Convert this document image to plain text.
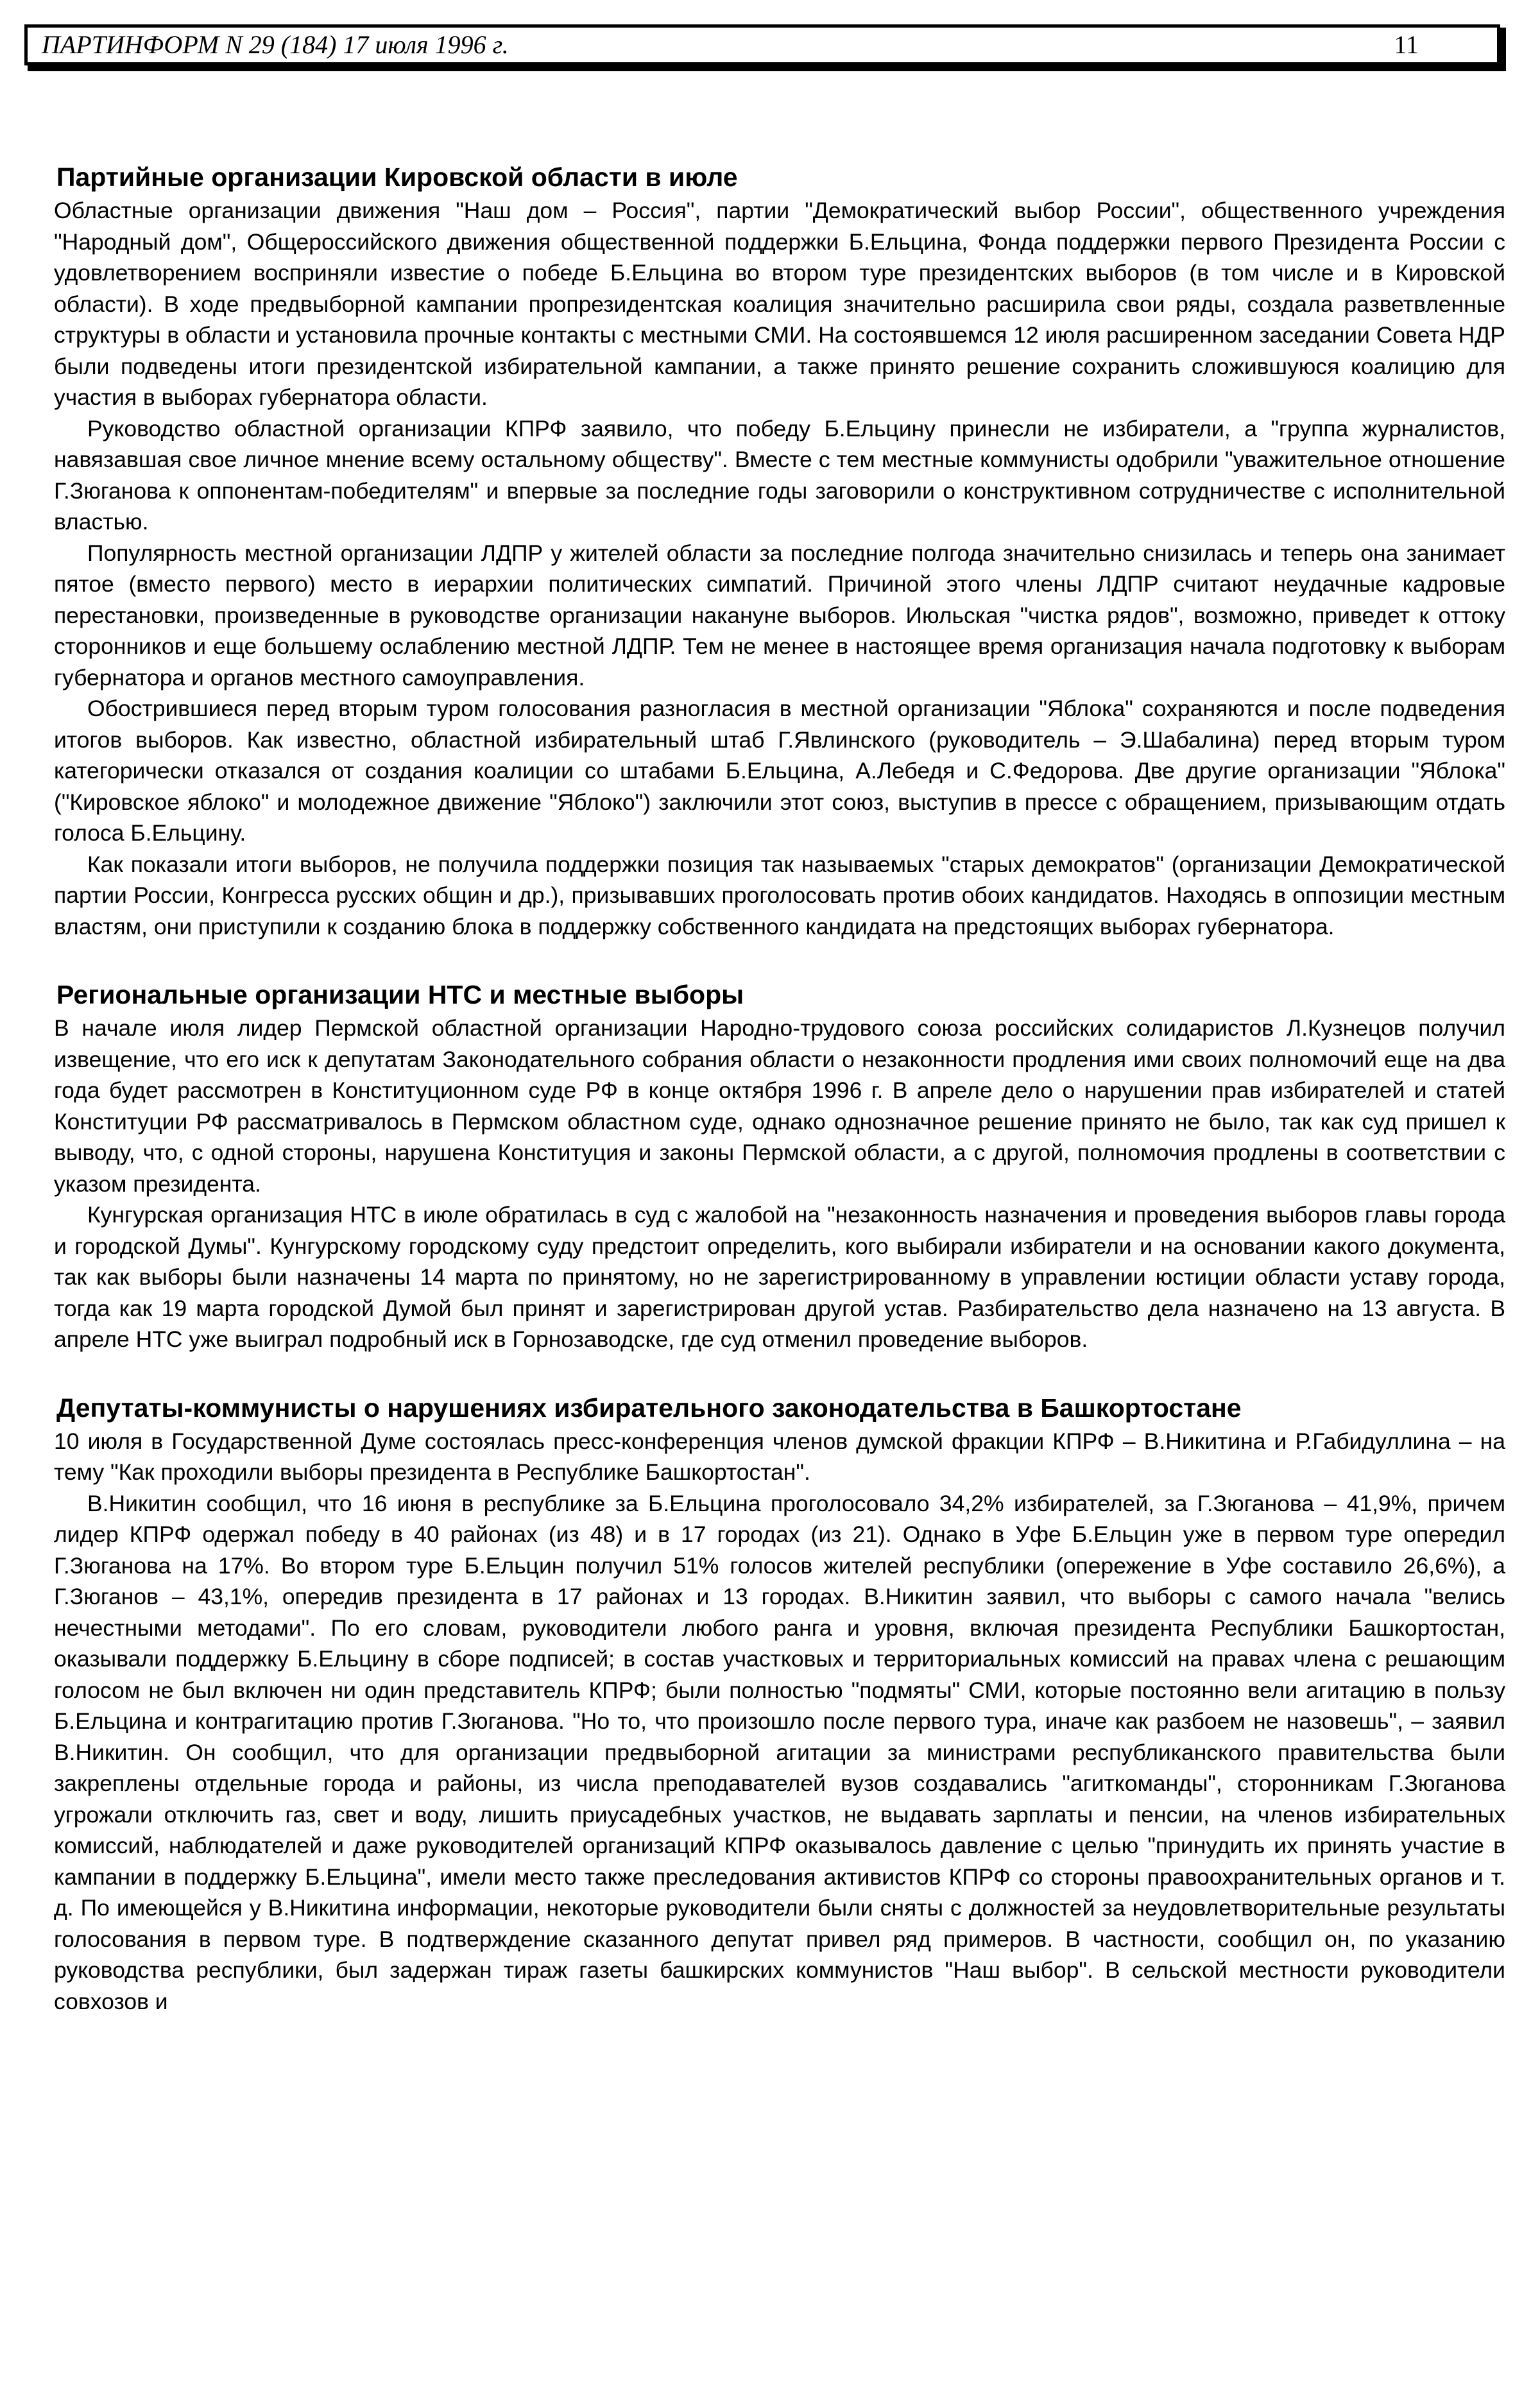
ПАРТИНФОРМ N 29 (184) 17 июля 1996 г.	11
Партийные организации Кировской области в июле

Областные организации движения "Наш дом – Россия", партии "Демократический выбор России", общественного учреждения "Народный дом", Общероссийского движения общественной поддержки Б.Ельцина, Фонда поддержки первого Президента России с удовлетворением восприняли известие о победе Б.Ельцина во втором туре президентских выборов (в том числе и в Кировской области). В ходе предвыборной кампании пропрезидентская коалиция значительно расширила свои ряды, создала разветвленные структуры в области и установила прочные контакты с местными СМИ. На состоявшемся 12 июля расширенном заседании Совета НДР были подведены итоги президентской избирательной кампании, а также принято решение сохранить сложившуюся коалицию для участия в выборах губернатора области.

Руководство областной организации КПРФ заявило, что победу Б.Ельцину принесли не избиратели, а "группа журналистов, навязавшая свое личное мнение всему остальному обществу". Вместе с тем местные коммунисты одобрили "уважительное отношение Г.Зюганова к оппонентам-победителям" и впервые за последние годы заговорили о конструктивном сотрудничестве с исполнительной властью.

Популярность местной организации ЛДПР у жителей области за последние полгода значительно снизилась и теперь она занимает пятое (вместо первого) место в иерархии политических симпатий. Причиной этого члены ЛДПР считают неудачные кадровые перестановки, произведенные в руководстве организации накануне выборов. Июльская "чистка рядов", возможно, приведет к оттоку сторонников и еще большему ослаблению местной ЛДПР. Тем не менее в настоящее время организация начала подготовку к выборам губернатора и органов местного самоуправления.

Обострившиеся перед вторым туром голосования разногласия в местной организации "Яблока" сохраняются и после подведения итогов выборов. Как известно, областной избирательный штаб Г.Явлинского (руководитель – Э.Шабалина) перед вторым туром категорически отказался от создания коалиции со штабами Б.Ельцина, А.Лебедя и С.Федорова. Две другие организации "Яблока" ("Кировское яблоко" и молодежное движение "Яблоко") заключили этот союз, выступив в прессе с обращением, призывающим отдать голоса Б.Ельцину.

Как показали итоги выборов, не получила поддержки позиция так называемых "старых демократов" (организации Демократической партии России, Конгресса русских общин и др.), призывавших проголосовать против обоих кандидатов. Находясь в оппозиции местным властям, они приступили к созданию блока в поддержку собственного кандидата на предстоящих выборах губернатора.

Региональные организации НТС и местные выборы

В начале июля лидер Пермской областной организации Народно-трудового союза российских солидаристов Л.Кузнецов получил извещение, что его иск к депутатам Законодательного собрания области о незаконности продления ими своих полномочий еще на два года будет рассмотрен в Конституционном суде РФ в конце октября 1996 г. В апреле дело о нарушении прав избирателей и статей Конституции РФ рассматривалось в Пермском областном суде, однако однозначное решение принято не было, так как суд пришел к выводу, что, с одной стороны, нарушена Конституция и законы Пермской области, а с другой, полномочия продлены в соответствии с указом президента.

Кунгурская организация НТС в июле обратилась в суд с жалобой на "незаконность назначения и проведения выборов главы города и городской Думы". Кунгурскому городскому суду предстоит определить, кого выбирали избиратели и на основании какого документа, так как выборы были назначены 14 марта по принятому, но не зарегистрированному в управлении юстиции области уставу города, тогда как 19 марта городской Думой был принят и зарегистрирован другой устав. Разбирательство дела назначено на 13 августа. В апреле НТС уже выиграл подробный иск в Горнозаводске, где суд отменил проведение выборов.

Депутаты-коммунисты о нарушениях избирательного законодательства в Башкортостане

10 июля в Государственной Думе состоялась пресс-конференция членов думской фракции КПРФ – В.Никитина и Р.Габидуллина – на тему "Как проходили выборы президента в Республике Башкортостан".

В.Никитин сообщил, что 16 июня в республике за Б.Ельцина проголосовало 34,2% избирателей, за Г.Зюганова – 41,9%, причем лидер КПРФ одержал победу в 40 районах (из 48) и в 17 городах (из 21). Однако в Уфе Б.Ельцин уже в первом туре опередил Г.Зюганова на 17%. Во втором туре Б.Ельцин получил 51% голосов жителей республики (опережение в Уфе составило 26,6%), а Г.Зюганов – 43,1%, опередив президента в 17 районах и 13 городах. В.Никитин заявил, что выборы с самого начала "велись нечестными методами". По его словам, руководители любого ранга и уровня, включая президента Республики Башкортостан, оказывали поддержку Б.Ельцину в сборе подписей; в состав участковых и территориальных комиссий на правах члена с решающим голосом не был включен ни один представитель КПРФ; были полностью "подмяты" СМИ, которые постоянно вели агитацию в пользу Б.Ельцина и контрагитацию против Г.Зюганова. "Но то, что произошло после первого тура, иначе как разбоем не назовешь", – заявил В.Никитин. Он сообщил, что для организации предвыборной агитации за министрами республиканского правительства были закреплены отдельные города и районы, из числа преподавателей вузов создавались "агиткоманды", сторонникам Г.Зюганова угрожали отключить газ, свет и воду, лишить приусадебных участков, не выдавать зарплаты и пенсии, на членов избирательных комиссий, наблюдателей и даже руководителей организаций КПРФ оказывалось давление с целью "принудить их принять участие в кампании в поддержку Б.Ельцина", имели место также преследования активистов КПРФ со стороны правоохранительных органов и т. д. По имеющейся у В.Никитина информации, некоторые руководители были сняты с должностей за неудовлетворительные результаты голосования в первом туре. В подтверждение сказанного депутат привел ряд примеров. В частности, сообщил он, по указанию руководства республики, был задержан тираж газеты башкирских коммунистов "Наш выбор". В сельской местности руководители совхозов и
